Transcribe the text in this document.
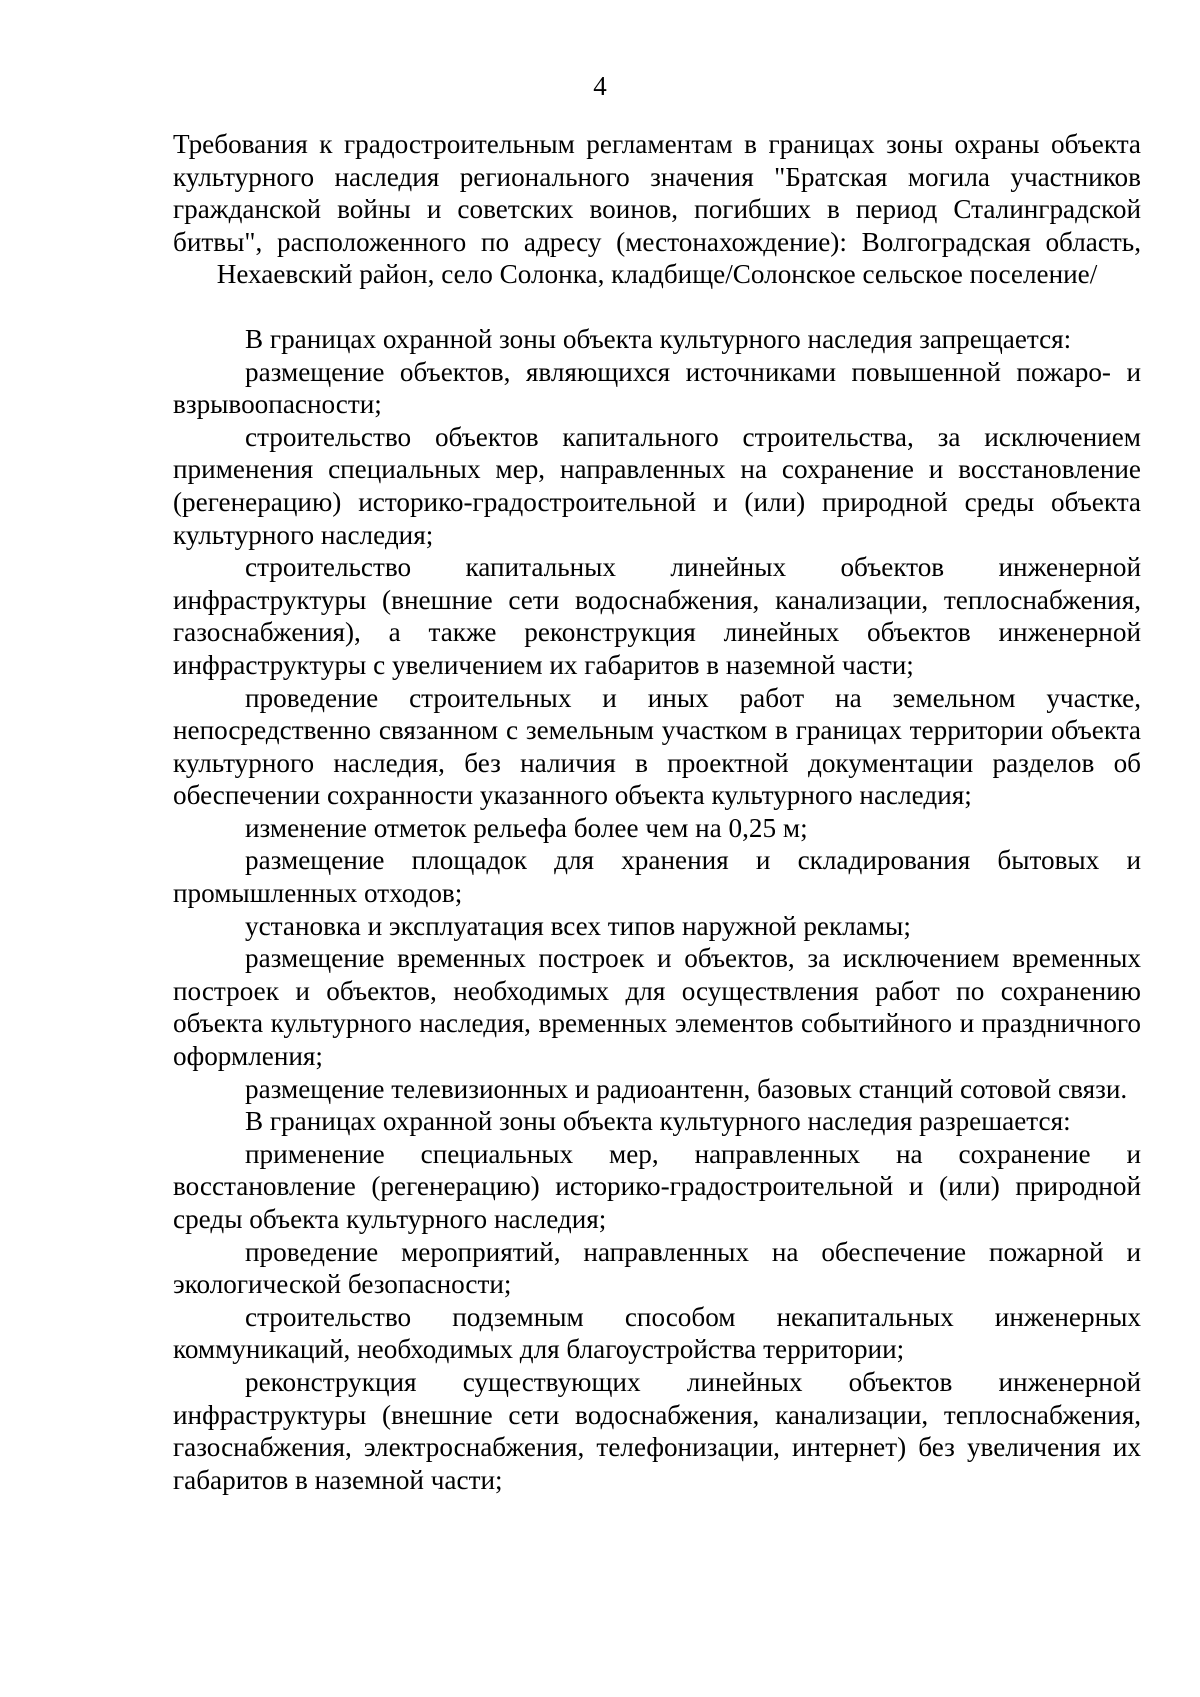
4

Требования к градостроительным регламентам в границах зоны охраны объекта культурного наследия регионального значения "Братская могила участников гражданской войны и советских воинов, погибших в период Сталинградской битвы", расположенного по адресу (местонахождение): Волгоградская область, Нехаевский район, село Солонка, кладбище/Солонское сельское поселение/

В границах охранной зоны объекта культурного наследия запрещается:

размещение объектов, являющихся источниками повышенной пожаро- и взрывоопасности;

строительство объектов капитального строительства, за исключением применения специальных мер, направленных на сохранение и восстановление (регенерацию) историко-градостроительной и (или) природной среды объекта культурного наследия;

строительство капитальных линейных объектов инженерной инфраструктуры (внешние сети водоснабжения, канализации, теплоснабжения, газоснабжения), а также реконструкция линейных объектов инженерной инфраструктуры с увеличением их габаритов в наземной части;

проведение строительных и иных работ на земельном участке, непосредственно связанном с земельным участком в границах территории объекта культурного наследия, без наличия в проектной документации разделов об обеспечении сохранности указанного объекта культурного наследия;

изменение отметок рельефа более чем на 0,25 м;

размещение площадок для хранения и складирования бытовых и промышленных отходов;

установка и эксплуатация всех типов наружной рекламы;

размещение временных построек и объектов, за исключением временных построек и объектов, необходимых для осуществления работ по сохранению объекта культурного наследия, временных элементов событийного и праздничного оформления;

размещение телевизионных и радиоантенн, базовых станций сотовой связи.

В границах охранной зоны объекта культурного наследия разрешается:

применение специальных мер, направленных на сохранение и восстановление (регенерацию) историко-градостроительной и (или) природной среды объекта культурного наследия;

проведение мероприятий, направленных на обеспечение пожарной и экологической безопасности;

строительство подземным способом некапитальных инженерных коммуникаций, необходимых для благоустройства территории;

реконструкция существующих линейных объектов инженерной инфраструктуры (внешние сети водоснабжения, канализации, теплоснабжения, газоснабжения, электроснабжения, телефонизации, интернет) без увеличения их габаритов в наземной части;
